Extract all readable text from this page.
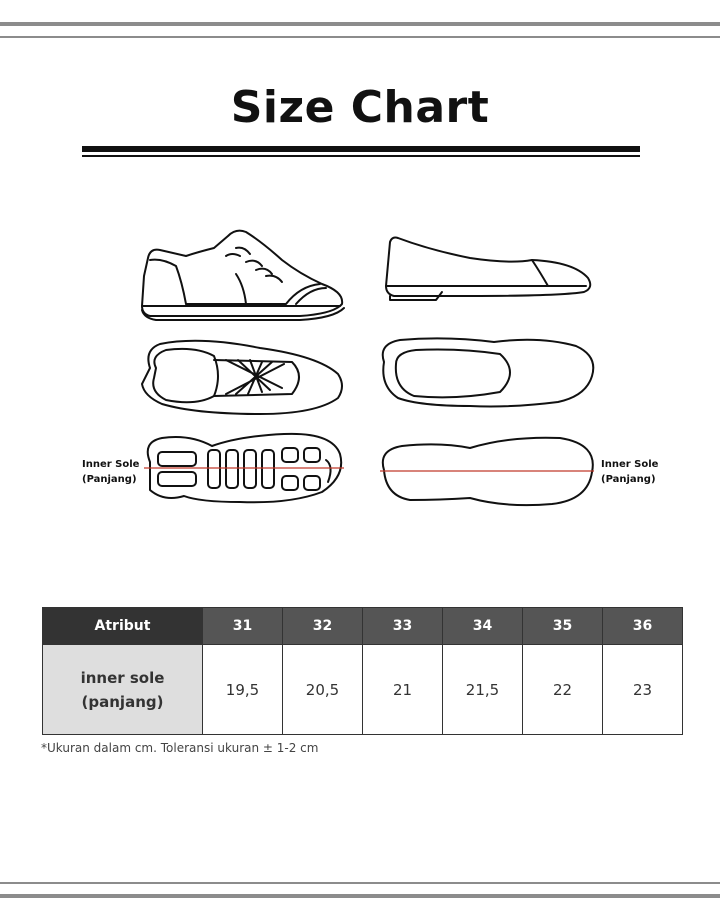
Size Chart
Inner Sole
(Panjang)
Inner Sole
(Panjang)
Atribut	31	32	33	34	35	36

inner sole
(panjang)	19,5	20,5	21	21,5	22	23
*Ukuran dalam cm. Toleransi ukuran ± 1-2 cm
